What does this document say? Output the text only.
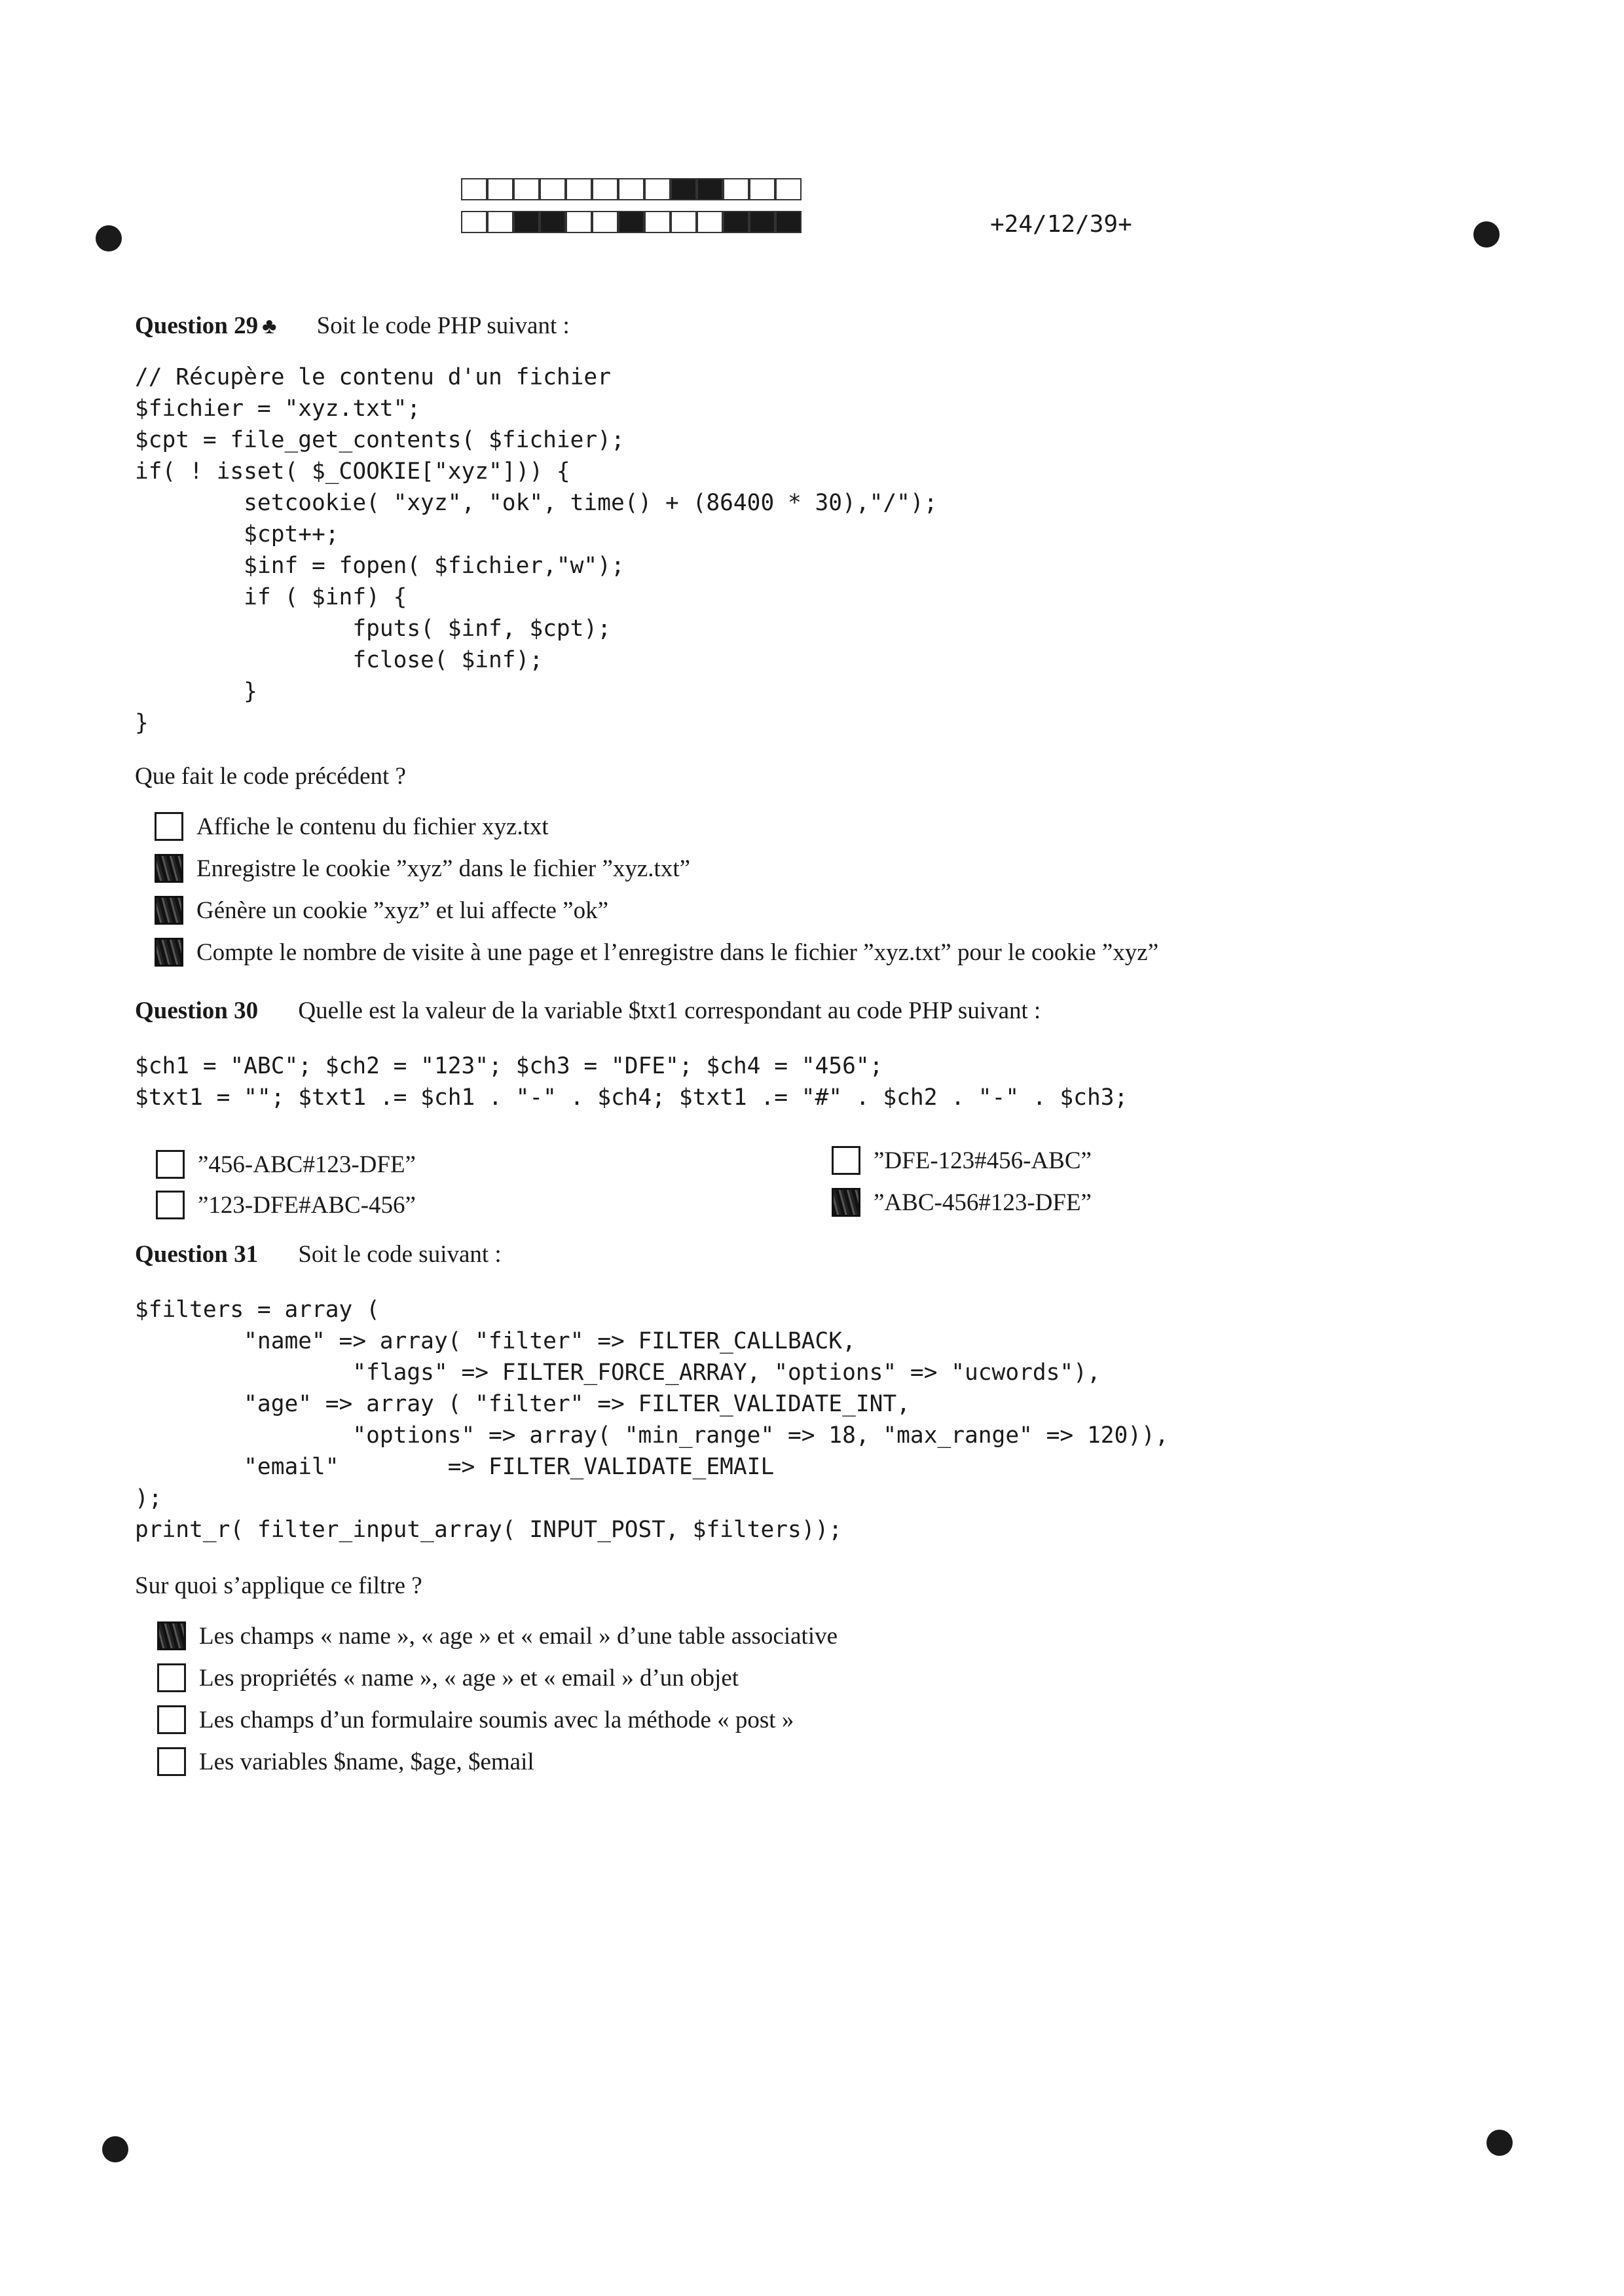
+24/12/39+
Question 29 ♣ Soit le code PHP suivant :
// Récupère le contenu d'un fichier
$fichier = "xyz.txt";
$cpt = file_get_contents( $fichier);
if( ! isset( $_COOKIE["xyz"])) {
setcookie( "xyz", "ok", time() + (86400 * 30),"/");
$cpt++;
$inf = fopen( $fichier,"w");
if ( $inf) {
fputs( $inf, $cpt);
fclose( $inf);
}
}
Que fait le code précédent ?
Affiche le contenu du fichier xyz.txt
Enregistre le cookie ”xyz” dans le fichier ”xyz.txt”
Génère un cookie ”xyz” et lui affecte ”ok”
Compte le nombre de visite à une page et l’enregistre dans le fichier ”xyz.txt” pour le cookie ”xyz”
Question 30 Quelle est la valeur de la variable $txt1 correspondant au code PHP suivant :
$ch1 = "ABC"; $ch2 = "123"; $ch3 = "DFE"; $ch4 = "456";
$txt1 = ""; $txt1 .= $ch1 . "-" . $ch4; $txt1 .= "#" . $ch2 . "-" . $ch3;
”456-ABC#123-DFE”
”123-DFE#ABC-456”
”DFE-123#456-ABC”
”ABC-456#123-DFE”
Question 31 Soit le code suivant :
$filters = array (
"name" => array( "filter" => FILTER_CALLBACK,
"flags" => FILTER_FORCE_ARRAY, "options" => "ucwords"),
"age" => array ( "filter" => FILTER_VALIDATE_INT,
"options" => array( "min_range" => 18, "max_range" => 120)),
"email"        => FILTER_VALIDATE_EMAIL
);
print_r( filter_input_array( INPUT_POST, $filters));
Sur quoi s’applique ce filtre ?
Les champs « name », « age » et « email » d’une table associative
Les propriétés « name », « age » et « email » d’un objet
Les champs d’un formulaire soumis avec la méthode « post »
Les variables $name, $age, $email
